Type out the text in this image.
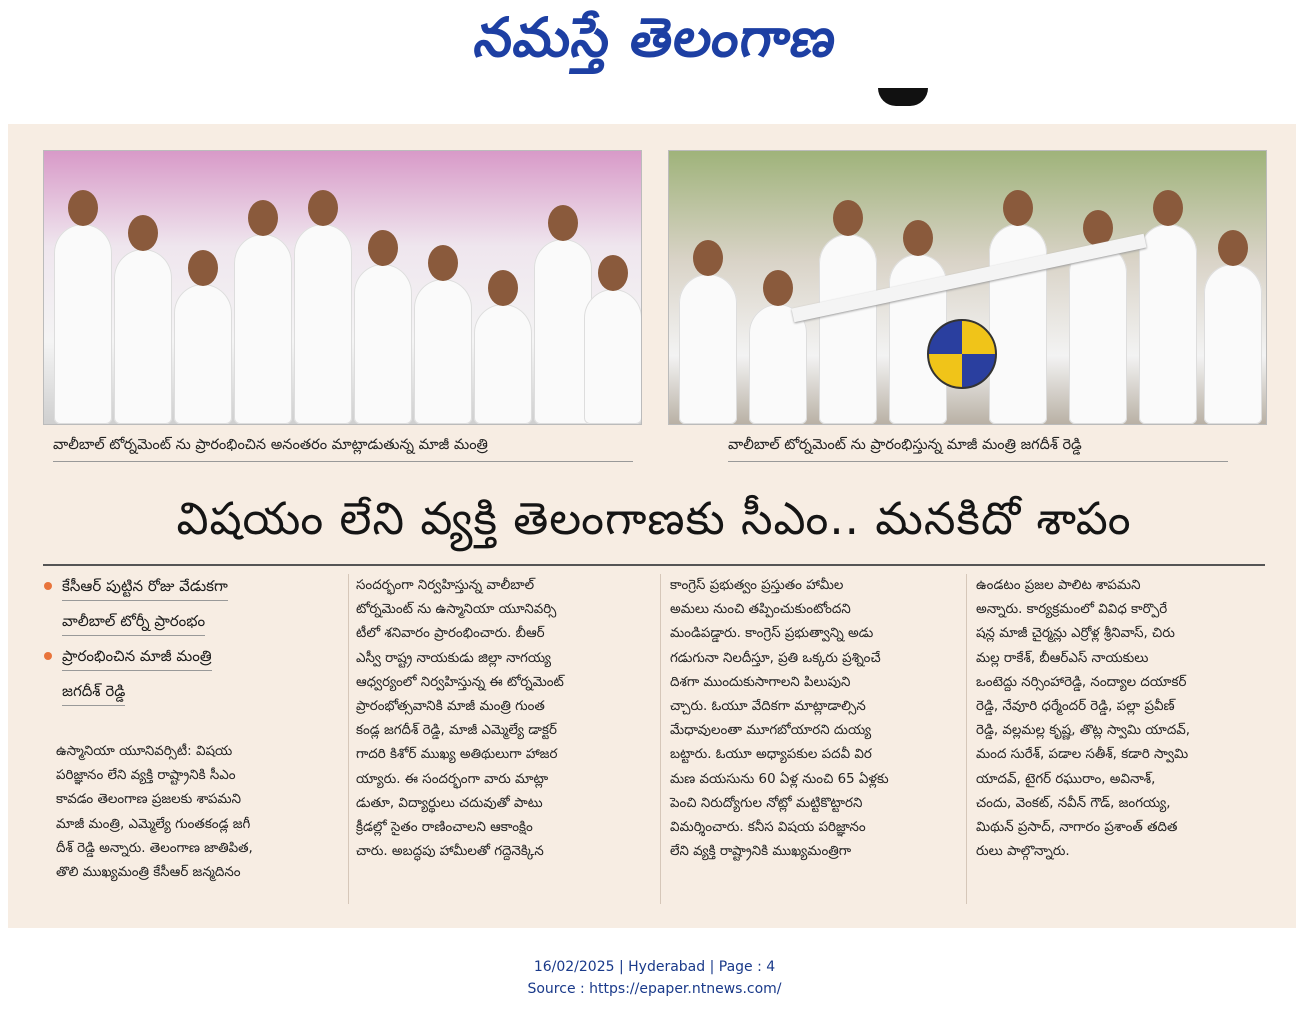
నమస్తే తెలంగాణ
వాలీబాల్ టోర్నమెంట్ ను ప్రారంభించిన అనంతరం మాట్లాడుతున్న మాజీ మంత్రి	వాలీబాల్ టోర్నమెంట్ ను ప్రారంభిస్తున్న మాజీ మంత్రి జగదీశ్ రెడ్డి
విషయం లేని వ్యక్తి తెలంగాణకు సీఎం.. మనకిదో శాపం
కేసీఆర్ పుట్టిన రోజు వేడుకగా
వాలీబాల్ టోర్నీ ప్రారంభం
ప్రారంభించిన మాజీ మంత్రి
జగదీశ్ రెడ్డి

ఉస్మానియా యూనివర్సిటీ: విషయ

పరిజ్ఞానం లేని వ్యక్తి రాష్ట్రానికి సీఎం

కావడం తెలంగాణ ప్రజలకు శాపమని

మాజీ మంత్రి, ఎమ్మెల్యే గుంతకండ్ల జగీ

దీశ్ రెడ్డి అన్నారు. తెలంగాణ జాతిపిత,

తొలి ముఖ్యమంత్రి కేసీఆర్ జన్మదినం

సందర్భంగా నిర్వహిస్తున్న వాలీబాల్

టోర్నమెంట్ ను ఉస్మానియా యూనివర్సి

టీలో శనివారం ప్రారంభించారు. బీఆర్

ఎస్వీ రాష్ట్ర నాయకుడు జిల్లా నాగయ్య

ఆధ్వర్యంలో నిర్వహిస్తున్న ఈ టోర్నమెంట్

ప్రారంభోత్సవానికి మాజీ మంత్రి గుంత

కండ్ల జగదీశ్ రెడ్డి, మాజీ ఎమ్మెల్యే డాక్టర్

గాదరి కిశోర్ ముఖ్య అతిథులుగా హాజర

య్యారు. ఈ సందర్భంగా వారు మాట్లా

డుతూ, విద్యార్థులు చదువుతో పాటు

క్రీడల్లో సైతం రాణించాలని ఆకాంక్షిం

చారు. అబద్ధపు హామీలతో గద్దెనెక్కిన

కాంగ్రెస్ ప్రభుత్వం ప్రస్తుతం హామీల

అమలు నుంచి తప్పించుకుంటోందని

మండిపడ్డారు. కాంగ్రెస్ ప్రభుత్వాన్ని అడు

గడుగునా నిలదీస్తూ, ప్రతి ఒక్కరు ప్రశ్నించే

దిశగా ముందుకుసాగాలని పిలుపుని

చ్చారు. ఓయూ వేదికగా మాట్లాడాల్సిన

మేధావులంతా మూగబోయారని దుయ్య

బట్టారు. ఓయూ అధ్యాపకుల పదవీ విర

మణ వయసును 60 ఏళ్ల నుంచి 65 ఏళ్లకు

పెంచి నిరుద్యోగుల నోట్లో మట్టికొట్టారని

విమర్శించారు. కనీస విషయ పరిజ్ఞానం

లేని వ్యక్తి రాష్ట్రానికి ముఖ్యమంత్రిగా

ఉండటం ప్రజల పాలిట శాపమని

అన్నారు. కార్యక్రమంలో వివిధ కార్పొరే

షన్ల మాజీ చైర్మన్లు ఎర్రోళ్ల శ్రీనివాస్, చిరు

మల్ల రాకేశ్, బీఆర్ఎస్ నాయకులు

ఒంటెద్దు నర్సింహారెడ్డి, నంద్యాల దయాకర్

రెడ్డి, నేవూరి ధర్మేందర్ రెడ్డి, పల్లా ప్రవీణ్

రెడ్డి, వల్లమల్ల కృష్ణ, తొట్ల స్వామి యాదవ్,

మంద సురేశ్, పడాల సతీశ్, కడారి స్వామి

యాదవ్, టైగర్ రఘురాం, అవినాశ్,

చందు, వెంకట్, నవీన్ గౌడ్, జంగయ్య,

మిథున్ ప్రసాద్, నాగారం ప్రశాంత్ తదిత

రులు పాల్గొన్నారు.

16/02/2025 | Hyderabad | Page : 4
Source : https://epaper.ntnews.com/
